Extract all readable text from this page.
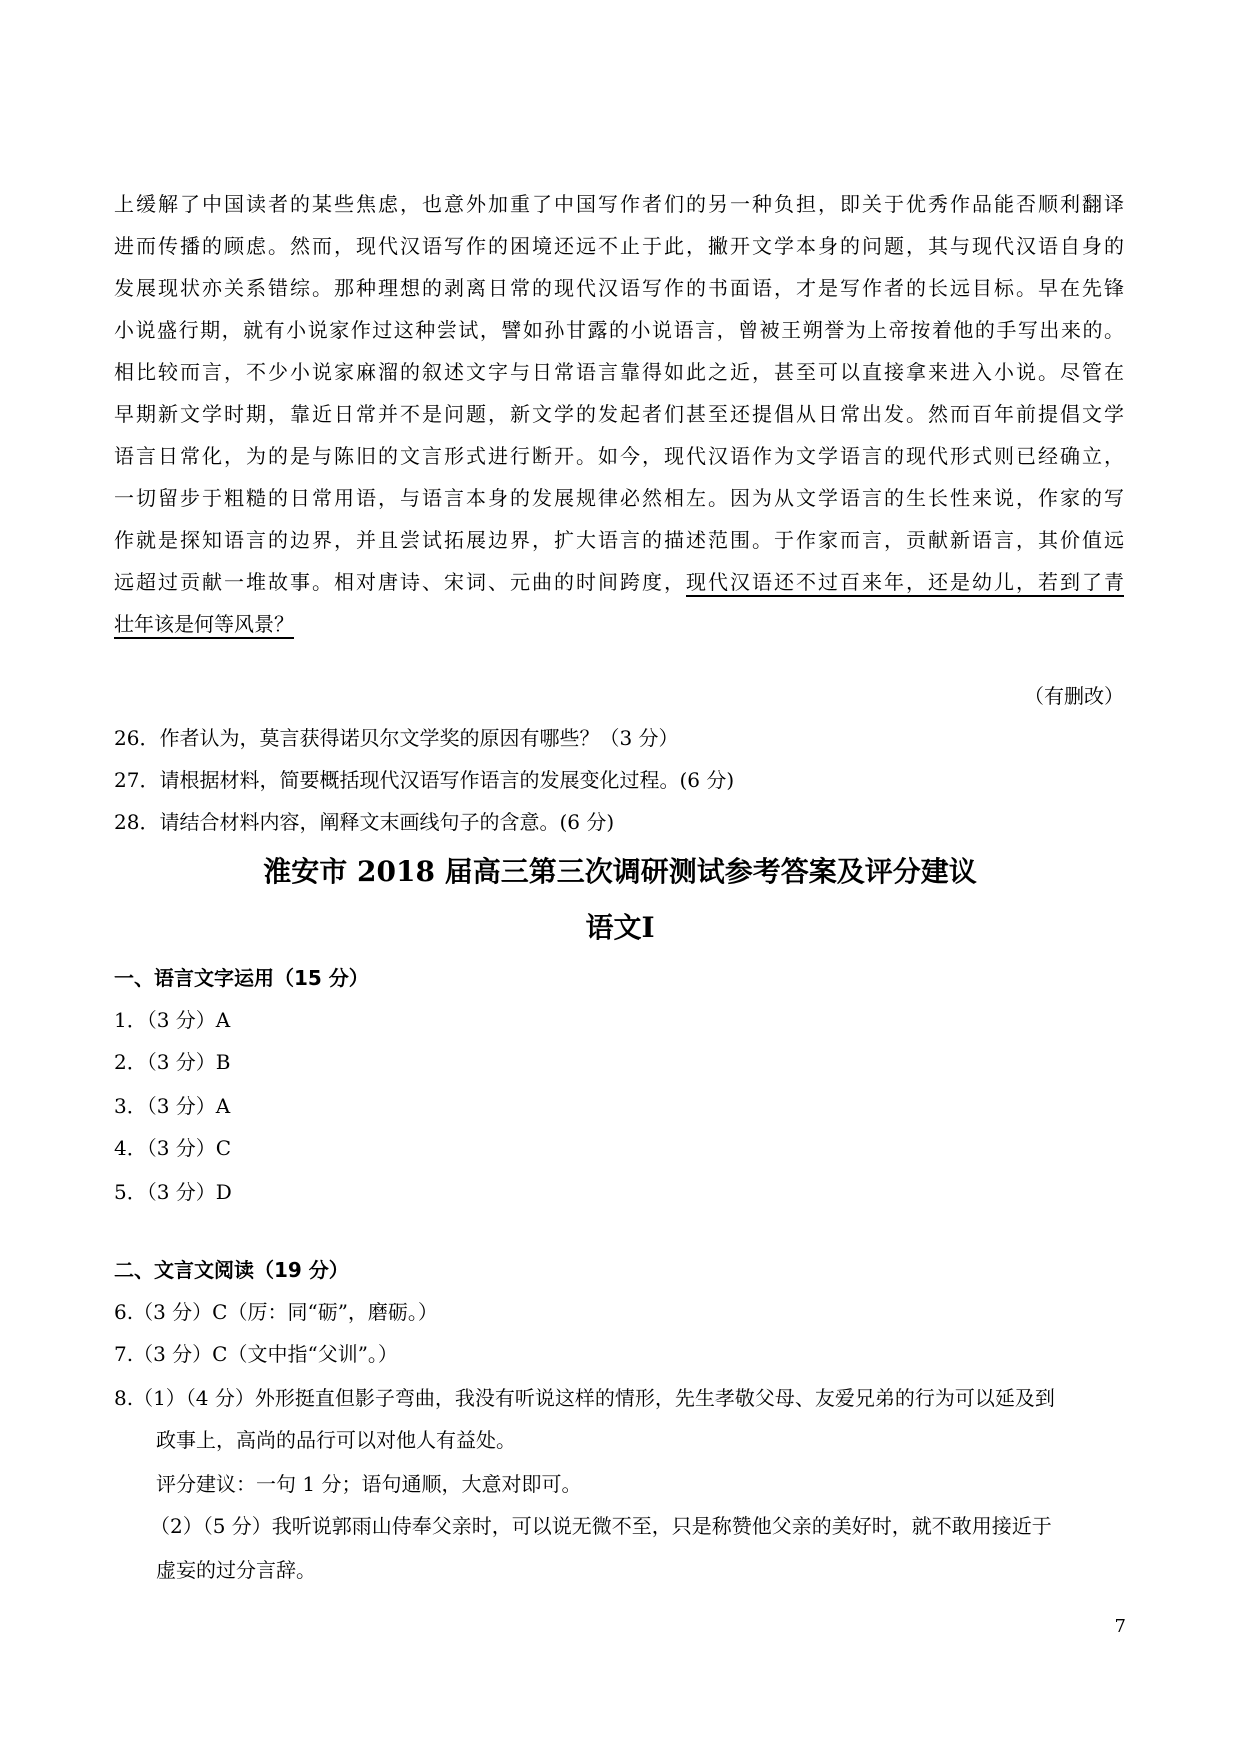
上缓解了中国读者的某些焦虑，也意外加重了中国写作者们的另一种负担，即关于优秀作品能否顺利翻译
进而传播的顾虑。然而，现代汉语写作的困境还远不止于此，撇开文学本身的问题，其与现代汉语自身的
发展现状亦关系错综。那种理想的剥离日常的现代汉语写作的书面语，才是写作者的长远目标。早在先锋
小说盛行期，就有小说家作过这种尝试，譬如孙甘露的小说语言，曾被王朔誉为上帝按着他的手写出来的。
相比较而言，不少小说家麻溜的叙述文字与日常语言靠得如此之近，甚至可以直接拿来进入小说。尽管在
早期新文学时期，靠近日常并不是问题，新文学的发起者们甚至还提倡从日常出发。然而百年前提倡文学
语言日常化，为的是与陈旧的文言形式进行断开。如今，现代汉语作为文学语言的现代形式则已经确立，
一切留步于粗糙的日常用语，与语言本身的发展规律必然相左。因为从文学语言的生长性来说，作家的写
作就是探知语言的边界，并且尝试拓展边界，扩大语言的描述范围。于作家而言，贡献新语言，其价值远
远超过贡献一堆故事。相对唐诗、宋词、元曲的时间跨度，现代汉语还不过百来年，还是幼儿，若到了青
壮年该是何等风景？
（有删改）
26．作者认为，莫言获得诺贝尔文学奖的原因有哪些？（3 分）
27．请根据材料，简要概括现代汉语写作语言的发展变化过程。(6 分)
28．请结合材料内容，阐释文末画线句子的含意。(6 分)
淮安市 2018 届高三第三次调研测试参考答案及评分建议
语文Ⅰ
一、语言文字运用（15 分）
1．（3 分）A
2．（3 分）B
3．（3 分）A
4．（3 分）C
5．（3 分）D
二、文言文阅读（19 分）
6.（3 分）C（厉：同“砺”，磨砺。）
7.（3 分）C（文中指“父训”。）
8.（1）（4 分）外形挺直但影子弯曲，我没有听说这样的情形，先生孝敬父母、友爱兄弟的行为可以延及到
政事上，高尚的品行可以对他人有益处。
评分建议：一句 1 分；语句通顺，大意对即可。
（2）（5 分）我听说郭雨山侍奉父亲时，可以说无微不至，只是称赞他父亲的美好时，就不敢用接近于
虚妄的过分言辞。
7
